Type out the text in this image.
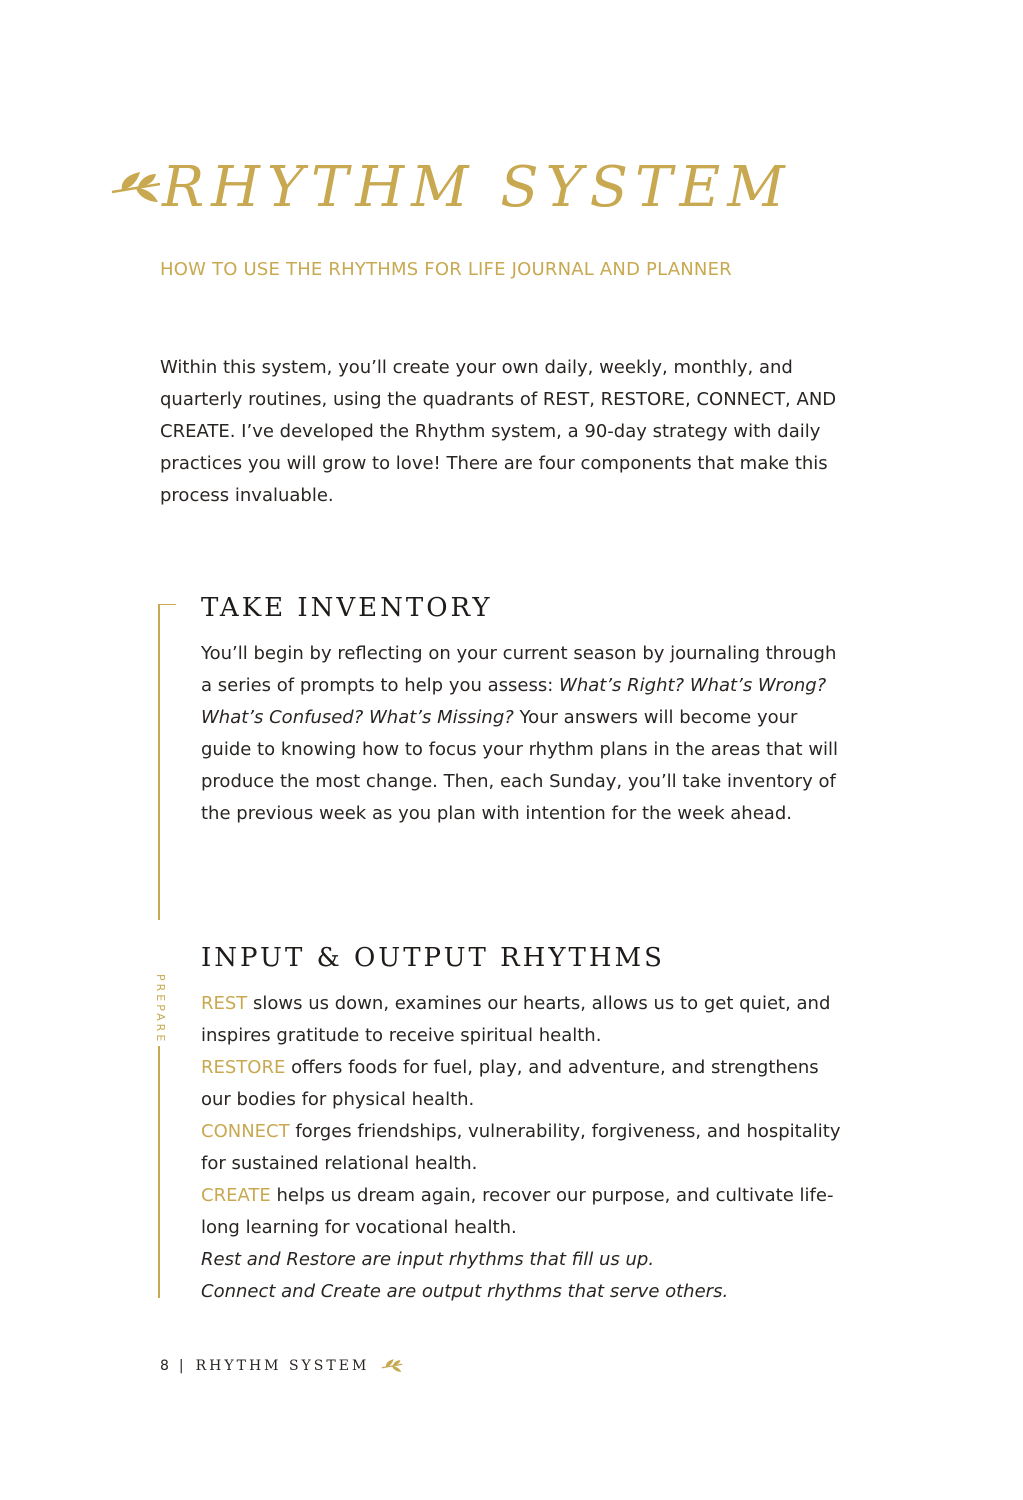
RHYTHM SYSTEM
HOW TO USE THE RHYTHMS FOR LIFE JOURNAL AND PLANNER

Within this system, you’ll create your own daily, weekly, monthly, and quarterly routines, using the quadrants of REST, RESTORE, CONNECT, AND CREATE. I’ve developed the Rhythm system, a 90-day strategy with daily practices you will grow to love! There are four components that make this process invaluable.

PREPARE
TAKE INVENTORY

You’ll begin by reflecting on your current season by journaling through a series of prompts to help you assess: What’s Right? What’s Wrong? What’s Confused? What’s Missing? Your answers will become your guide to knowing how to focus your rhythm plans in the areas that will produce the most change. Then, each Sunday, you’ll take inventory of the previous week as you plan with intention for the week ahead.

INPUT & OUTPUT RHYTHMS

REST slows us down, examines our hearts, allows us to get quiet, and inspires gratitude to receive spiritual health.

RESTORE offers foods for fuel, play, and adventure, and strengthens our bodies for physical health.

CONNECT forges friendships, vulnerability, forgiveness, and hospitality for sustained relational health.

CREATE helps us dream again, recover our purpose, and cultivate life-long learning for vocational health.

Rest and Restore are input rhythms that fill us up.

Connect and Create are output rhythms that serve others.

8 | RHYTHM SYSTEM
